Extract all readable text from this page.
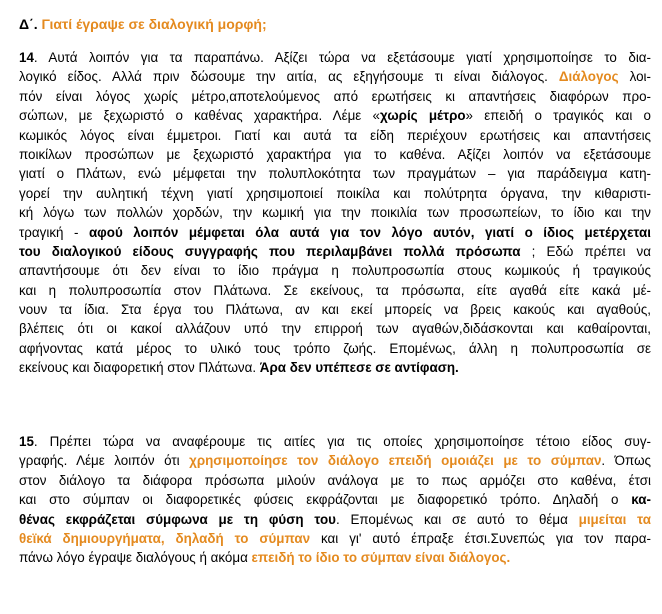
Δ΄. Γιατί έγραψε σε διαλογική μορφή;
14. Αυτά λοιπόν για τα παραπάνω. Αξίζει τώρα να εξετάσουμε γιατί χρησιμοποίησε το δια-
λογικό είδος. Αλλά πριν δώσουμε την αιτία, ας εξηγήσουμε τι είναι διάλογος. Διάλογος λοι-
πόν είναι λόγος χωρίς μέτρο,αποτελούμενος από ερωτήσεις κι απαντήσεις διαφόρων προ-
σώπων, με ξεχωριστό ο καθένας χαρακτήρα. Λέμε «χωρίς μέτρο» επειδή ο τραγικός και ο
κωμικός λόγος είναι έμμετροι. Γιατί και αυτά τα είδη περιέχουν ερωτήσεις και απαντήσεις
ποικίλων προσώπων με ξεχωριστό χαρακτήρα για το καθένα. Αξίζει λοιπόν να εξετάσουμε
γιατί ο Πλάτων, ενώ μέμφεται την πολυπλοκότητα των πραγμάτων – για παράδειγμα κατη-
γορεί την αυλητική τέχνη γιατί χρησιμοποιεί ποικίλα και πολύτρητα όργανα, την κιθαριστι-
κή λόγω των πολλών χορδών, την κωμική για την ποικιλία των προσωπείων, το ίδιο και την
τραγική - αφού λοιπόν μέμφεται όλα αυτά για τον λόγο αυτόν, γιατί ο ίδιος μετέρχεται
του διαλογικού είδους συγγραφής που περιλαμβάνει πολλά πρόσωπα ; Εδώ πρέπει να
απαντήσουμε ότι δεν είναι το ίδιο πράγμα η πολυπροσωπία στους κωμικούς ή τραγικούς
και η πολυπροσωπία στον Πλάτωνα. Σε εκείνους, τα πρόσωπα, είτε αγαθά είτε κακά μέ-
νουν τα ίδια. Στα έργα του Πλάτωνα, αν και εκεί μπορείς να βρεις κακούς και αγαθούς,
βλέπεις ότι οι κακοί αλλάζουν υπό την επιρροή των αγαθών,διδάσκονται και καθαίρονται,
αφήνοντας κατά μέρος το υλικό τους τρόπο ζωής. Επομένως, άλλη η πολυπροσωπία σε
εκείνους και διαφορετική στον Πλάτωνα. Άρα δεν υπέπεσε σε αντίφαση.
15. Πρέπει τώρα να αναφέρουμε τις αιτίες για τις οποίες χρησιμοποίησε τέτοιο είδος συγ-
γραφής. Λέμε λοιπόν ότι χρησιμοποίησε τον διάλογο επειδή ομοιάζει με το σύμπαν. Όπως
στον διάλογο τα διάφορα πρόσωπα μιλούν ανάλογα με το πως αρμόζει στο καθένα, έτσι
και στο σύμπαν οι διαφορετικές φύσεις εκφράζονται με διαφορετικό τρόπο. Δηλαδή ο κα-
θένας εκφράζεται σύμφωνα με τη φύση του. Επομένως και σε αυτό το θέμα μιμείται τα
θεϊκά δημιουργήματα, δηλαδή το σύμπαν και γι' αυτό έπραξε έτσι.Συνεπώς για τον παρα-
πάνω λόγο έγραψε διαλόγους ή ακόμα επειδή το ίδιο το σύμπαν είναι διάλογος.
